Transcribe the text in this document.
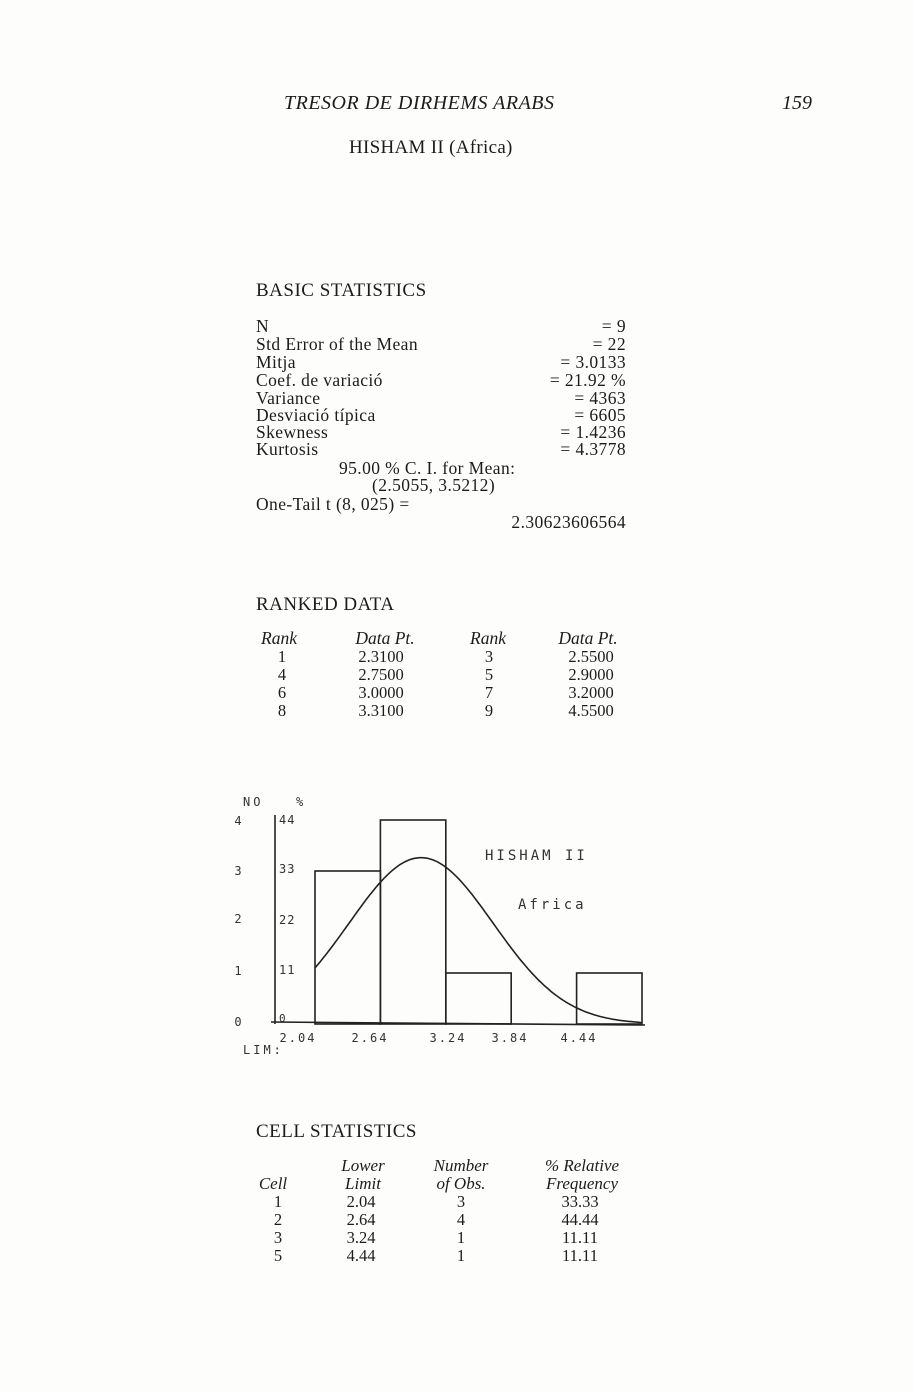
TRESOR DE DIRHEMS ARABS	159
HISHAM II (Africa)
BASIC STATISTICS
N	= 9
Std Error of the Mean	= 22
Mitja	= 3.0133
Coef. de variació	= 21.92 %
Variance	= 4363
Desviació típica	= 6605
Skewness	= 1.4236
Kurtosis	= 4.3778
95.00 % C. I. for Mean:
(2.5055, 3.5212)
One-Tail t (8, 025) =
2.30623606564
RANKED DATA
Rank	Data Pt.	Rank	Data Pt.
1	2.3100	3	2.5500
4	2.7500	5	2.9000
6	3.0000	7	3.2000
8	3.3100	9	4.5500
NO	%
4
3
2
1
0
44
33
22
11
0
HISHAM II
Africa
LIM:
2.04	2.64	3.24 3.84	4.44
CELL STATISTICS
Lower	Number	% Relative
Cell	Limit	of Obs.	Frequency
1	2.04	3	33.33
2	2.64	4	44.44
3	3.24	1	11.11
5	4.44	1	11.11
